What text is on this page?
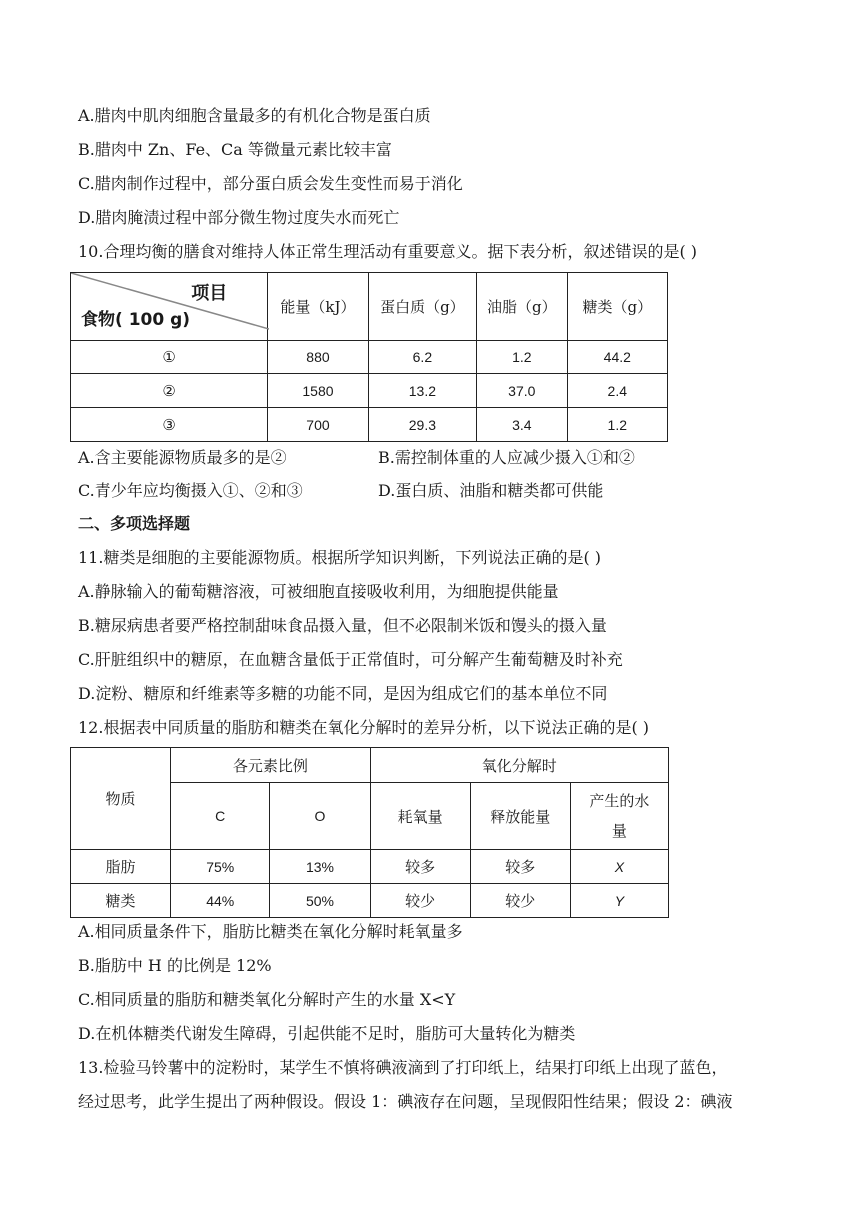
A.腊肉中肌肉细胞含量最多的有机化合物是蛋白质
B.腊肉中 Zn、Fe、Ca 等微量元素比较丰富
C.腊肉制作过程中，部分蛋白质会发生变性而易于消化
D.腊肉腌渍过程中部分微生物过度失水而死亡
10.合理均衡的膳食对维持人体正常生理活动有重要意义。据下表分析，叙述错误的是( )
项目
食物( 100 g)	能量（kJ）	蛋白质（g）	油脂（g）	糖类（g）
①	880	6.2	1.2	44.2
②	1580	13.2	37.0	2.4
③	700	29.3	3.4	1.2
A.含主要能源物质最多的是②	B.需控制体重的人应减少摄入①和②
C.青少年应均衡摄入①、②和③	D.蛋白质、油脂和糖类都可供能
二、多项选择题
11.糖类是细胞的主要能源物质。根据所学知识判断，下列说法正确的是( )
A.静脉输入的葡萄糖溶液，可被细胞直接吸收利用，为细胞提供能量
B.糖尿病患者要严格控制甜味食品摄入量，但不必限制米饭和馒头的摄入量
C.肝脏组织中的糖原，在血糖含量低于正常值时，可分解产生葡萄糖及时补充
D.淀粉、糖原和纤维素等多糖的功能不同，是因为组成它们的基本单位不同
12.根据表中同质量的脂肪和糖类在氧化分解时的差异分析，以下说法正确的是( )
物质	各元素比例		氧化分解时		
	C	O	耗氧量	释放能量	产生的水
量

脂肪	75%	13%	较多	较多	X
糖类	44%	50%	较少	较少	Y
A.相同质量条件下，脂肪比糖类在氧化分解时耗氧量多
B.脂肪中 H 的比例是 12%
C.相同质量的脂肪和糖类氧化分解时产生的水量 X<Y
D.在机体糖类代谢发生障碍，引起供能不足时，脂肪可大量转化为糖类
13.检验马铃薯中的淀粉时，某学生不慎将碘液滴到了打印纸上，结果打印纸上出现了蓝色，
经过思考，此学生提出了两种假设。假设 1：碘液存在问题，呈现假阳性结果；假设 2：碘液
